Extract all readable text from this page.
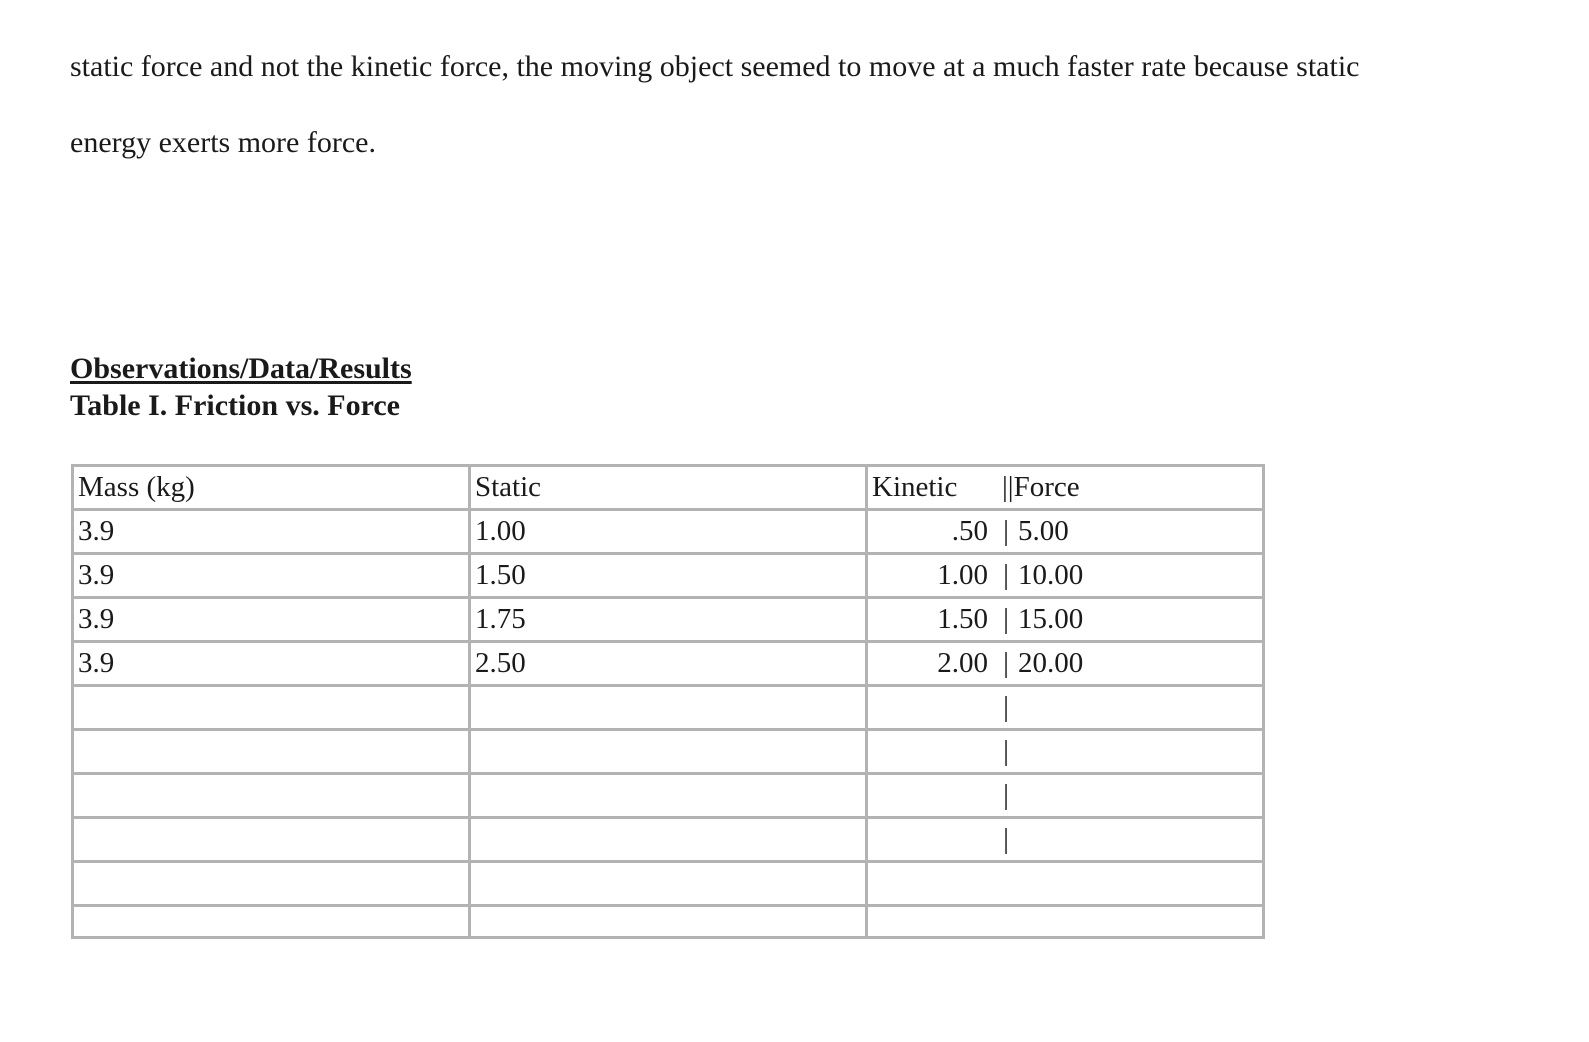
static force and not the kinetic force, the moving object seemed to move at a much faster rate because static

energy exerts more force.

Observations/Data/Results

Table I. Friction vs. Force

Mass (kg)	Static	Kinetic || Force

3.9	1.00	.50 | 5.00

3.9	1.50	1.00 | 10.00

3.9	1.75	1.50 | 15.00

3.9	2.50	2.00 | 20.00

		|

		|

		|

		|
